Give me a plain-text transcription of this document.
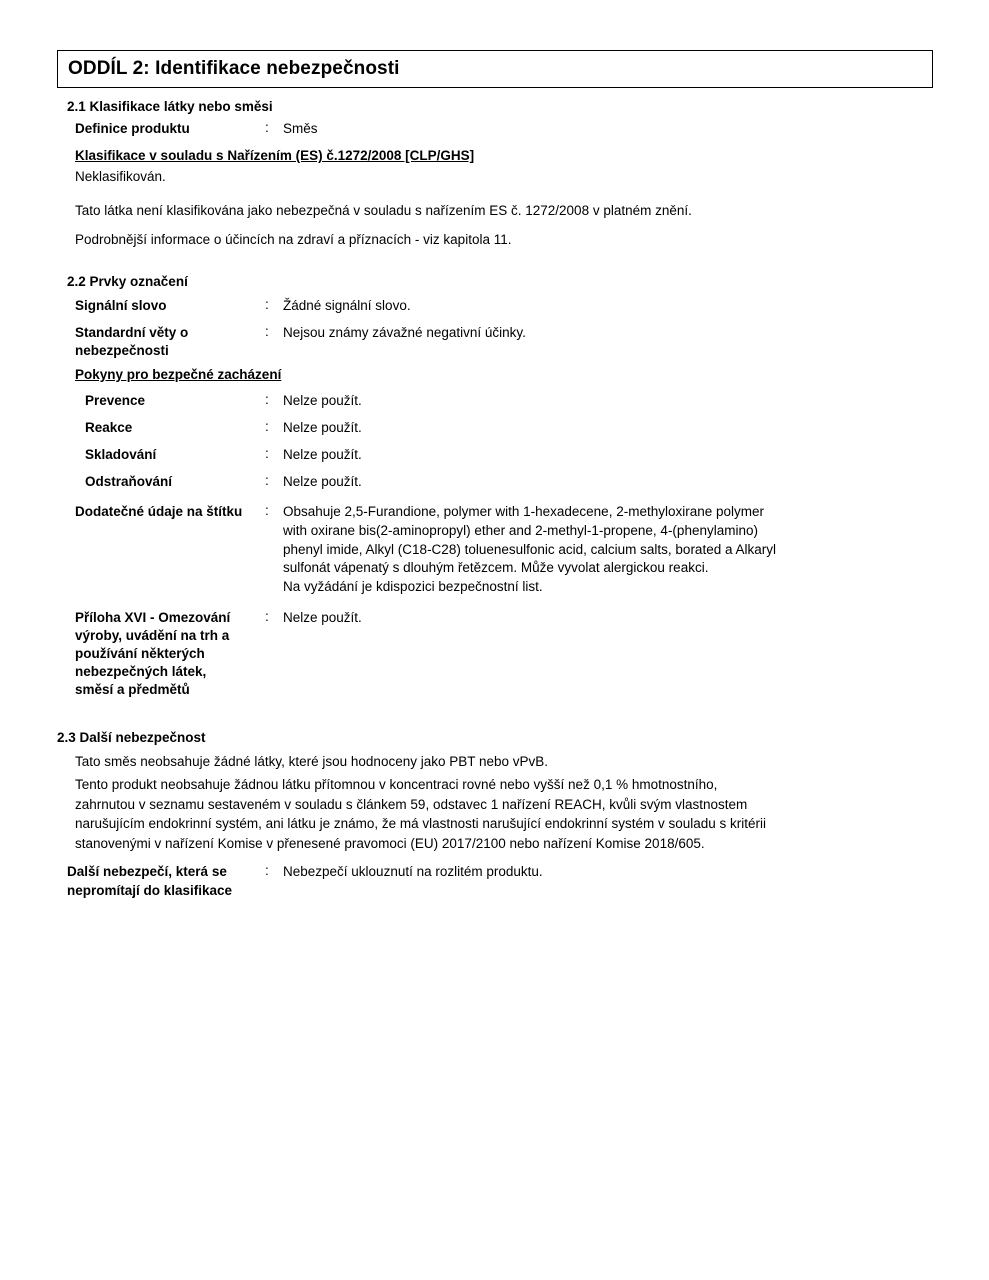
ODDÍL 2: Identifikace nebezpečnosti
2.1 Klasifikace látky nebo směsi
Definice produktu	:	Směs
Klasifikace v souladu s Nařízením (ES) č.1272/2008 [CLP/GHS]
Neklasifikován.
Tato látka není klasifikována jako nebezpečná v souladu s nařízením ES č. 1272/2008 v platném znění.
Podrobnější informace o účincích na zdraví a příznacích - viz kapitola 11.
2.2 Prvky označení
Signální slovo	:	Žádné signální slovo.
Standardní věty o
nebezpečnosti
:	Nejsou známy závažné negativní účinky.
Pokyny pro bezpečné zacházení
Prevence	:	Nelze použít.
Reakce	:	Nelze použít.
Skladování	:	Nelze použít.
Odstraňování	:	Nelze použít.
Dodatečné údaje na štítku	:	Obsahuje 2,5-Furandione, polymer with 1-hexadecene, 2-methyloxirane polymer
with oxirane bis(2-aminopropyl) ether and 2-methyl-1-propene, 4-(phenylamino)
phenyl imide, Alkyl (C18-C28) toluenesulfonic acid, calcium salts, borated a Alkaryl
sulfonát vápenatý s dlouhým řetězcem. Může vyvolat alergickou reakci.
Na vyžádání je kdispozici bezpečnostní list.
Příloha XVI - Omezování
výroby, uvádění na trh a
používání některých
nebezpečných látek,
směsí a předmětů
:	Nelze použít.
2.3 Další nebezpečnost
Tato směs neobsahuje žádné látky, které jsou hodnoceny jako PBT nebo vPvB.
Tento produkt neobsahuje žádnou látku přítomnou v koncentraci rovné nebo vyšší než 0,1 % hmotnostního,
zahrnutou v seznamu sestaveném v souladu s článkem 59, odstavec 1 nařízení REACH, kvůli svým vlastnostem
narušujícím endokrinní systém, ani látku je známo, že má vlastnosti narušující endokrinní systém v souladu s kritérii
stanovenými v nařízení Komise v přenesené pravomoci (EU) 2017/2100 nebo nařízení Komise 2018/605.
Další nebezpečí, která se
nepromítají do klasifikace
:	Nebezpečí uklouznutí na rozlitém produktu.
